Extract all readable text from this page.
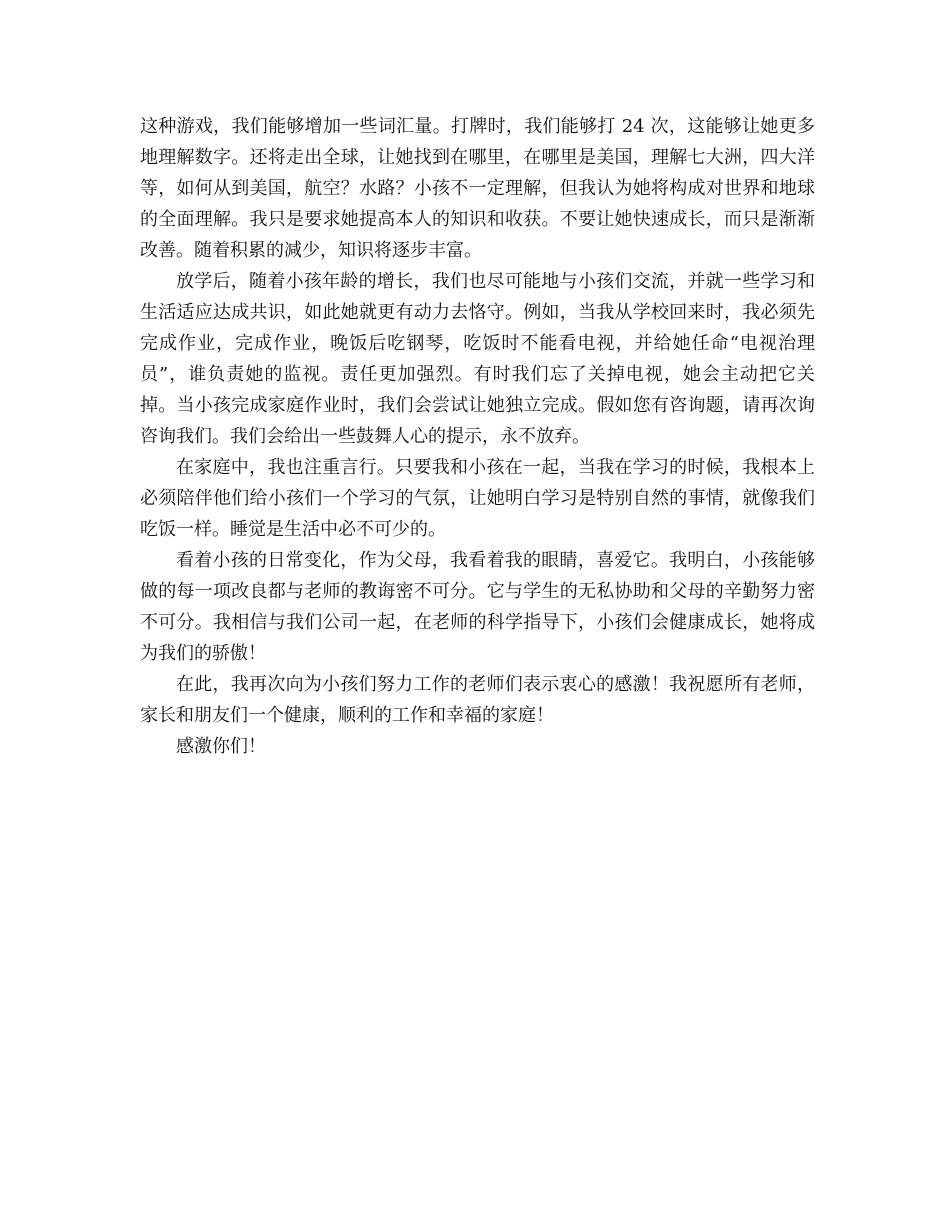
这种游戏，我们能够增加一些词汇量。打牌时，我们能够打 24 次，这能够让她更多地理解数字。还将走出全球，让她找到在哪里，在哪里是美国，理解七大洲，四大洋等，如何从到美国，航空？水路？小孩不一定理解，但我认为她将构成对世界和地球的全面理解。我只是要求她提高本人的知识和收获。不要让她快速成长，而只是渐渐改善。随着积累的减少，知识将逐步丰富。

放学后，随着小孩年龄的增长，我们也尽可能地与小孩们交流，并就一些学习和生活适应达成共识，如此她就更有动力去恪守。例如，当我从学校回来时，我必须先完成作业，完成作业，晚饭后吃钢琴，吃饭时不能看电视，并给她任命“电视治理员”，谁负责她的监视。责任更加强烈。有时我们忘了关掉电视，她会主动把它关掉。当小孩完成家庭作业时，我们会尝试让她独立完成。假如您有咨询题，请再次询咨询我们。我们会给出一些鼓舞人心的提示，永不放弃。

在家庭中，我也注重言行。只要我和小孩在一起，当我在学习的时候，我根本上必须陪伴他们给小孩们一个学习的气氛，让她明白学习是特别自然的事情，就像我们吃饭一样。睡觉是生活中必不可少的。

看着小孩的日常变化，作为父母，我看着我的眼睛，喜爱它。我明白，小孩能够做的每一项改良都与老师的教诲密不可分。它与学生的无私协助和父母的辛勤努力密不可分。我相信与我们公司一起，在老师的科学指导下，小孩们会健康成长，她将成为我们的骄傲！

在此，我再次向为小孩们努力工作的老师们表示衷心的感激！我祝愿所有老师，家长和朋友们一个健康，顺利的工作和幸福的家庭！

感激你们！
